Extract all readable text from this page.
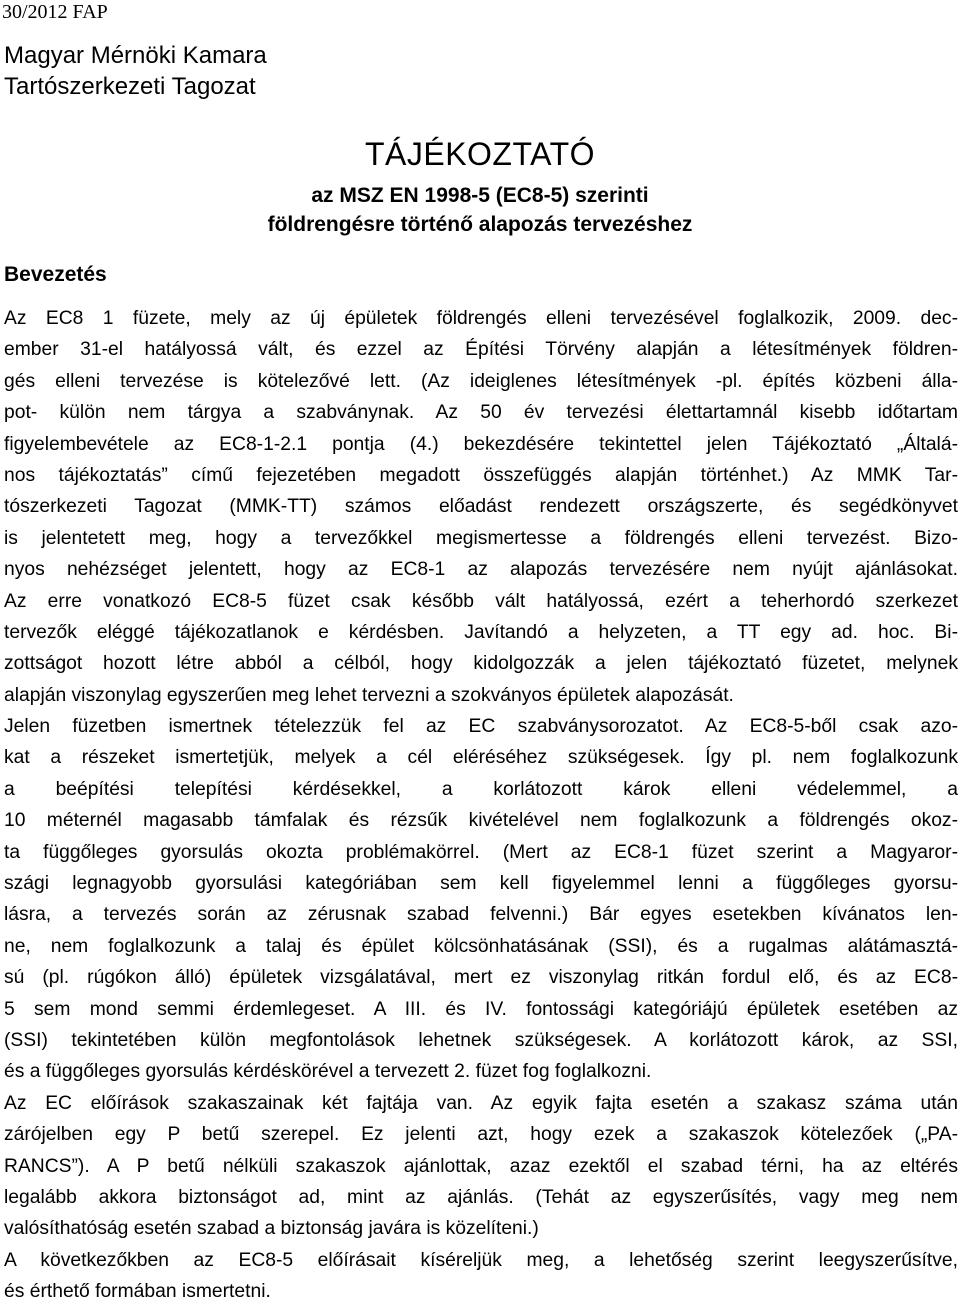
30/2012 FAP
Magyar Mérnöki Kamara
Tartószerkezeti Tagozat
TÁJÉKOZTATÓ
az MSZ EN 1998-5 (EC8-5) szerinti
földrengésre történő alapozás tervezéshez
Bevezetés
Az EC8 1 füzete, mely az új épületek földrengés elleni tervezésével foglalkozik, 2009. dec-
ember 31-el hatályossá vált, és ezzel az Építési Törvény alapján a létesítmények földren-
gés elleni tervezése is kötelezővé lett. (Az ideiglenes létesítmények -pl. építés közbeni álla-
pot- külön nem tárgya a szabványnak. Az 50 év tervezési élettartamnál kisebb időtartam
figyelembevétele az EC8-1-2.1 pontja (4.) bekezdésére tekintettel jelen Tájékoztató „Általá-
nos tájékoztatás” című fejezetében megadott összefüggés alapján történhet.) Az MMK Tar-
tószerkezeti Tagozat (MMK-TT) számos előadást rendezett országszerte, és segédkönyvet
is jelentetett meg, hogy a tervezőkkel megismertesse a földrengés elleni tervezést. Bizo-
nyos nehézséget jelentett, hogy az EC8-1 az alapozás tervezésére nem nyújt ajánlásokat.
Az erre vonatkozó EC8-5 füzet csak később vált hatályossá, ezért a teherhordó szerkezet
tervezők eléggé tájékozatlanok e kérdésben. Javítandó a helyzeten, a TT egy ad. hoc. Bi-
zottságot hozott létre abból a célból, hogy kidolgozzák a jelen tájékoztató füzetet, melynek
alapján viszonylag egyszerűen meg lehet tervezni a szokványos épületek alapozását.
Jelen füzetben ismertnek tételezzük fel az EC szabványsorozatot. Az EC8-5-ből csak azo-
kat a részeket ismertetjük, melyek a cél eléréséhez szükségesek. Így pl. nem foglalkozunk
a beépítési telepítési kérdésekkel, a korlátozott károk elleni védelemmel, a
10 méternél magasabb támfalak és rézsűk kivételével nem foglalkozunk a földrengés okoz-
ta függőleges gyorsulás okozta problémakörrel. (Mert az EC8-1 füzet szerint a Magyaror-
szági legnagyobb gyorsulási kategóriában sem kell figyelemmel lenni a függőleges gyorsu-
lásra, a tervezés során az zérusnak szabad felvenni.) Bár egyes esetekben kívánatos len-
ne, nem foglalkozunk a talaj és épület kölcsönhatásának (SSI), és a rugalmas alátámasztá-
sú (pl. rúgókon álló) épületek vizsgálatával, mert ez viszonylag ritkán fordul elő, és az EC8-
5 sem mond semmi érdemlegeset. A III. és IV. fontossági kategóriájú épületek esetében az
(SSI) tekintetében külön megfontolások lehetnek szükségesek. A korlátozott károk, az SSI,
és a függőleges gyorsulás kérdéskörével a tervezett 2. füzet fog foglalkozni.
Az EC előírások szakaszainak két fajtája van. Az egyik fajta esetén a szakasz száma után
zárójelben egy P betű szerepel. Ez jelenti azt, hogy ezek a szakaszok kötelezőek („PA-
RANCS”). A P betű nélküli szakaszok ajánlottak, azaz ezektől el szabad térni, ha az eltérés
legalább akkora biztonságot ad, mint az ajánlás. (Tehát az egyszerűsítés, vagy meg nem
valósíthatóság esetén szabad a biztonság javára is közelíteni.)
A következőkben az EC8-5 előírásait kíséreljük meg, a lehetőség szerint leegyszerűsítve,
és érthető formában ismertetni.
